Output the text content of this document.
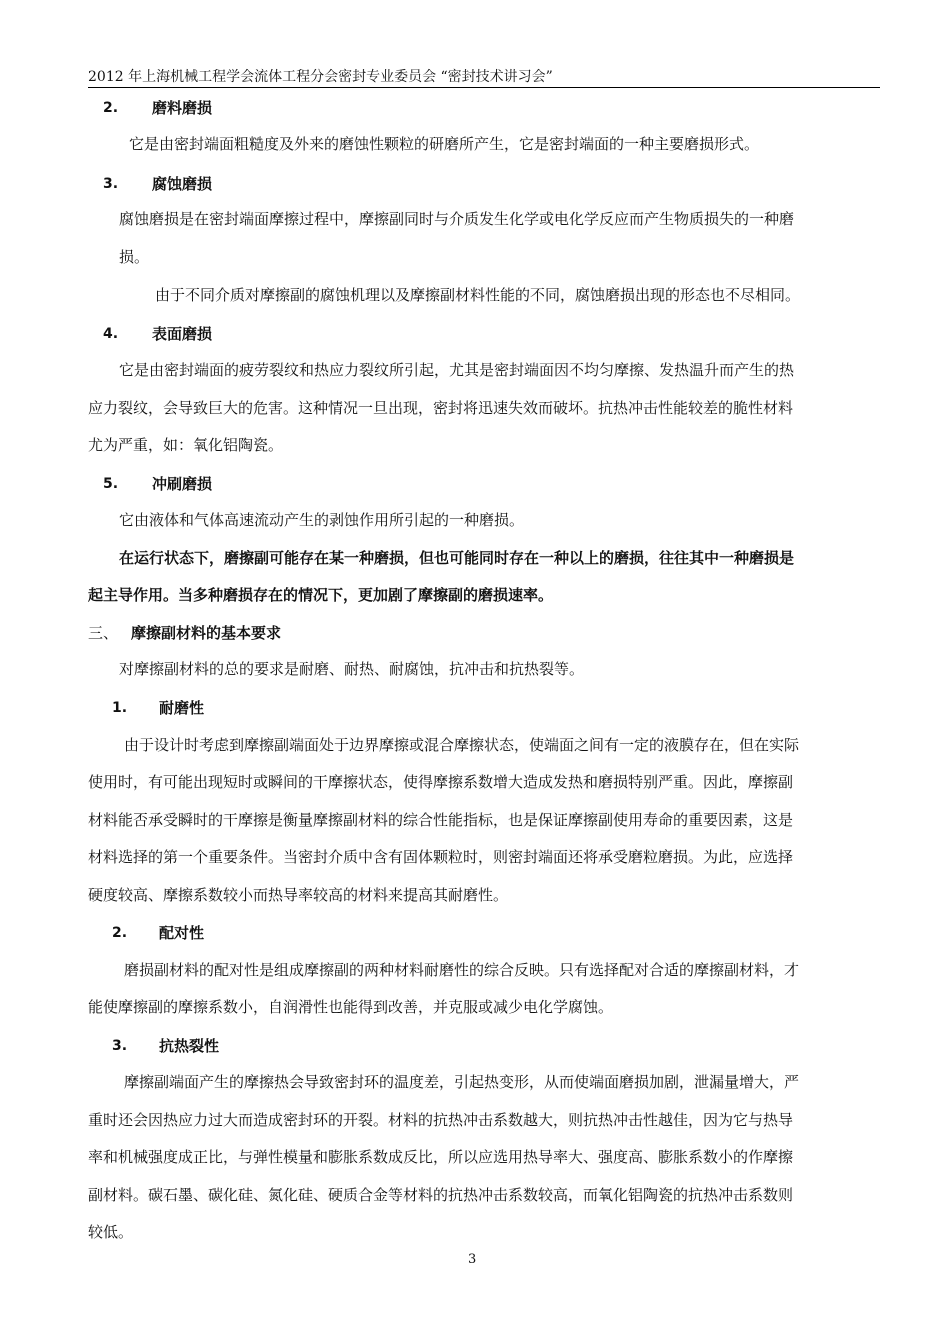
2012 年上海机械工程学会流体工程分会密封专业委员会 “密封技术讲习会”
2. 磨料磨损
它是由密封端面粗糙度及外来的磨蚀性颗粒的研磨所产生，它是密封端面的一种主要磨损形式。
3. 腐蚀磨损
腐蚀磨损是在密封端面摩擦过程中，摩擦副同时与介质发生化学或电化学反应而产生物质损失的一种磨
损。
由于不同介质对摩擦副的腐蚀机理以及摩擦副材料性能的不同，腐蚀磨损出现的形态也不尽相同。
4. 表面磨损
它是由密封端面的疲劳裂纹和热应力裂纹所引起，尤其是密封端面因不均匀摩擦、发热温升而产生的热
应力裂纹，会导致巨大的危害。这种情况一旦出现，密封将迅速失效而破坏。抗热冲击性能较差的脆性材料
尤为严重，如：氧化铝陶瓷。
5. 冲刷磨损
它由液体和气体高速流动产生的剥蚀作用所引起的一种磨损。
在运行状态下，磨擦副可能存在某一种磨损，但也可能同时存在一种以上的磨损，往往其中一种磨损是
起主导作用。当多种磨损存在的情况下，更加剧了摩擦副的磨损速率。
三、 摩擦副材料的基本要求
对摩擦副材料的总的要求是耐磨、耐热、耐腐蚀，抗冲击和抗热裂等。
1. 耐磨性
由于设计时考虑到摩擦副端面处于边界摩擦或混合摩擦状态，使端面之间有一定的液膜存在，但在实际
使用时，有可能出现短时或瞬间的干摩擦状态，使得摩擦系数增大造成发热和磨损特别严重。因此，摩擦副
材料能否承受瞬时的干摩擦是衡量摩擦副材料的综合性能指标，也是保证摩擦副使用寿命的重要因素，这是
材料选择的第一个重要条件。当密封介质中含有固体颗粒时，则密封端面还将承受磨粒磨损。为此，应选择
硬度较高、摩擦系数较小而热导率较高的材料来提高其耐磨性。
2. 配对性
磨损副材料的配对性是组成摩擦副的两种材料耐磨性的综合反映。只有选择配对合适的摩擦副材料，才
能使摩擦副的摩擦系数小，自润滑性也能得到改善，并克服或减少电化学腐蚀。
3. 抗热裂性
摩擦副端面产生的摩擦热会导致密封环的温度差，引起热变形，从而使端面磨损加剧，泄漏量增大，严
重时还会因热应力过大而造成密封环的开裂。材料的抗热冲击系数越大，则抗热冲击性越佳，因为它与热导
率和机械强度成正比，与弹性模量和膨胀系数成反比，所以应选用热导率大、强度高、膨胀系数小的作摩擦
副材料。碳石墨、碳化硅、氮化硅、硬质合金等材料的抗热冲击系数较高，而氧化铝陶瓷的抗热冲击系数则
较低。
3
